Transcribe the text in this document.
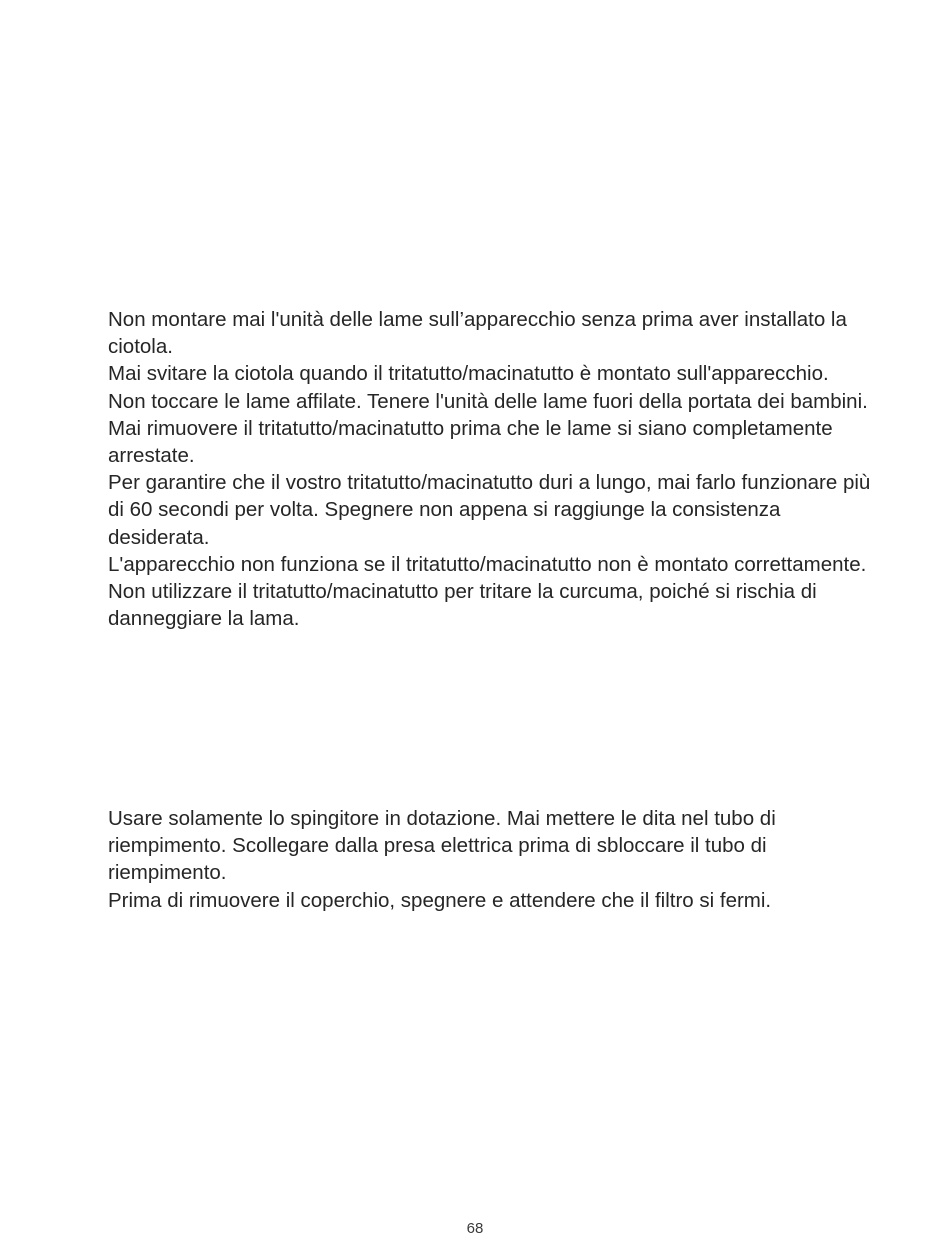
Non montare mai l'unità delle lame sull’apparecchio senza prima aver installato la ciotola.

Mai svitare la ciotola quando il tritatutto/macinatutto è montato sull'apparecchio.

Non toccare le lame affilate. Tenere l'unità delle lame fuori della portata dei bambini.

Mai rimuovere il tritatutto/macinatutto prima che le lame si siano completamente arrestate.

Per garantire che il vostro tritatutto/macinatutto duri a lungo, mai farlo funzionare più di 60 secondi per volta. Spegnere non appena si raggiunge la consistenza desiderata.

L'apparecchio non funziona se il tritatutto/macinatutto non è montato correttamente.

Non utilizzare il tritatutto/macinatutto per tritare la curcuma, poiché si rischia di danneggiare la lama.

Usare solamente lo spingitore in dotazione. Mai mettere le dita nel tubo di riempimento. Scollegare dalla presa elettrica prima di sbloccare il tubo di riempimento.

Prima di rimuovere il coperchio, spegnere e attendere che il filtro si fermi.

68
